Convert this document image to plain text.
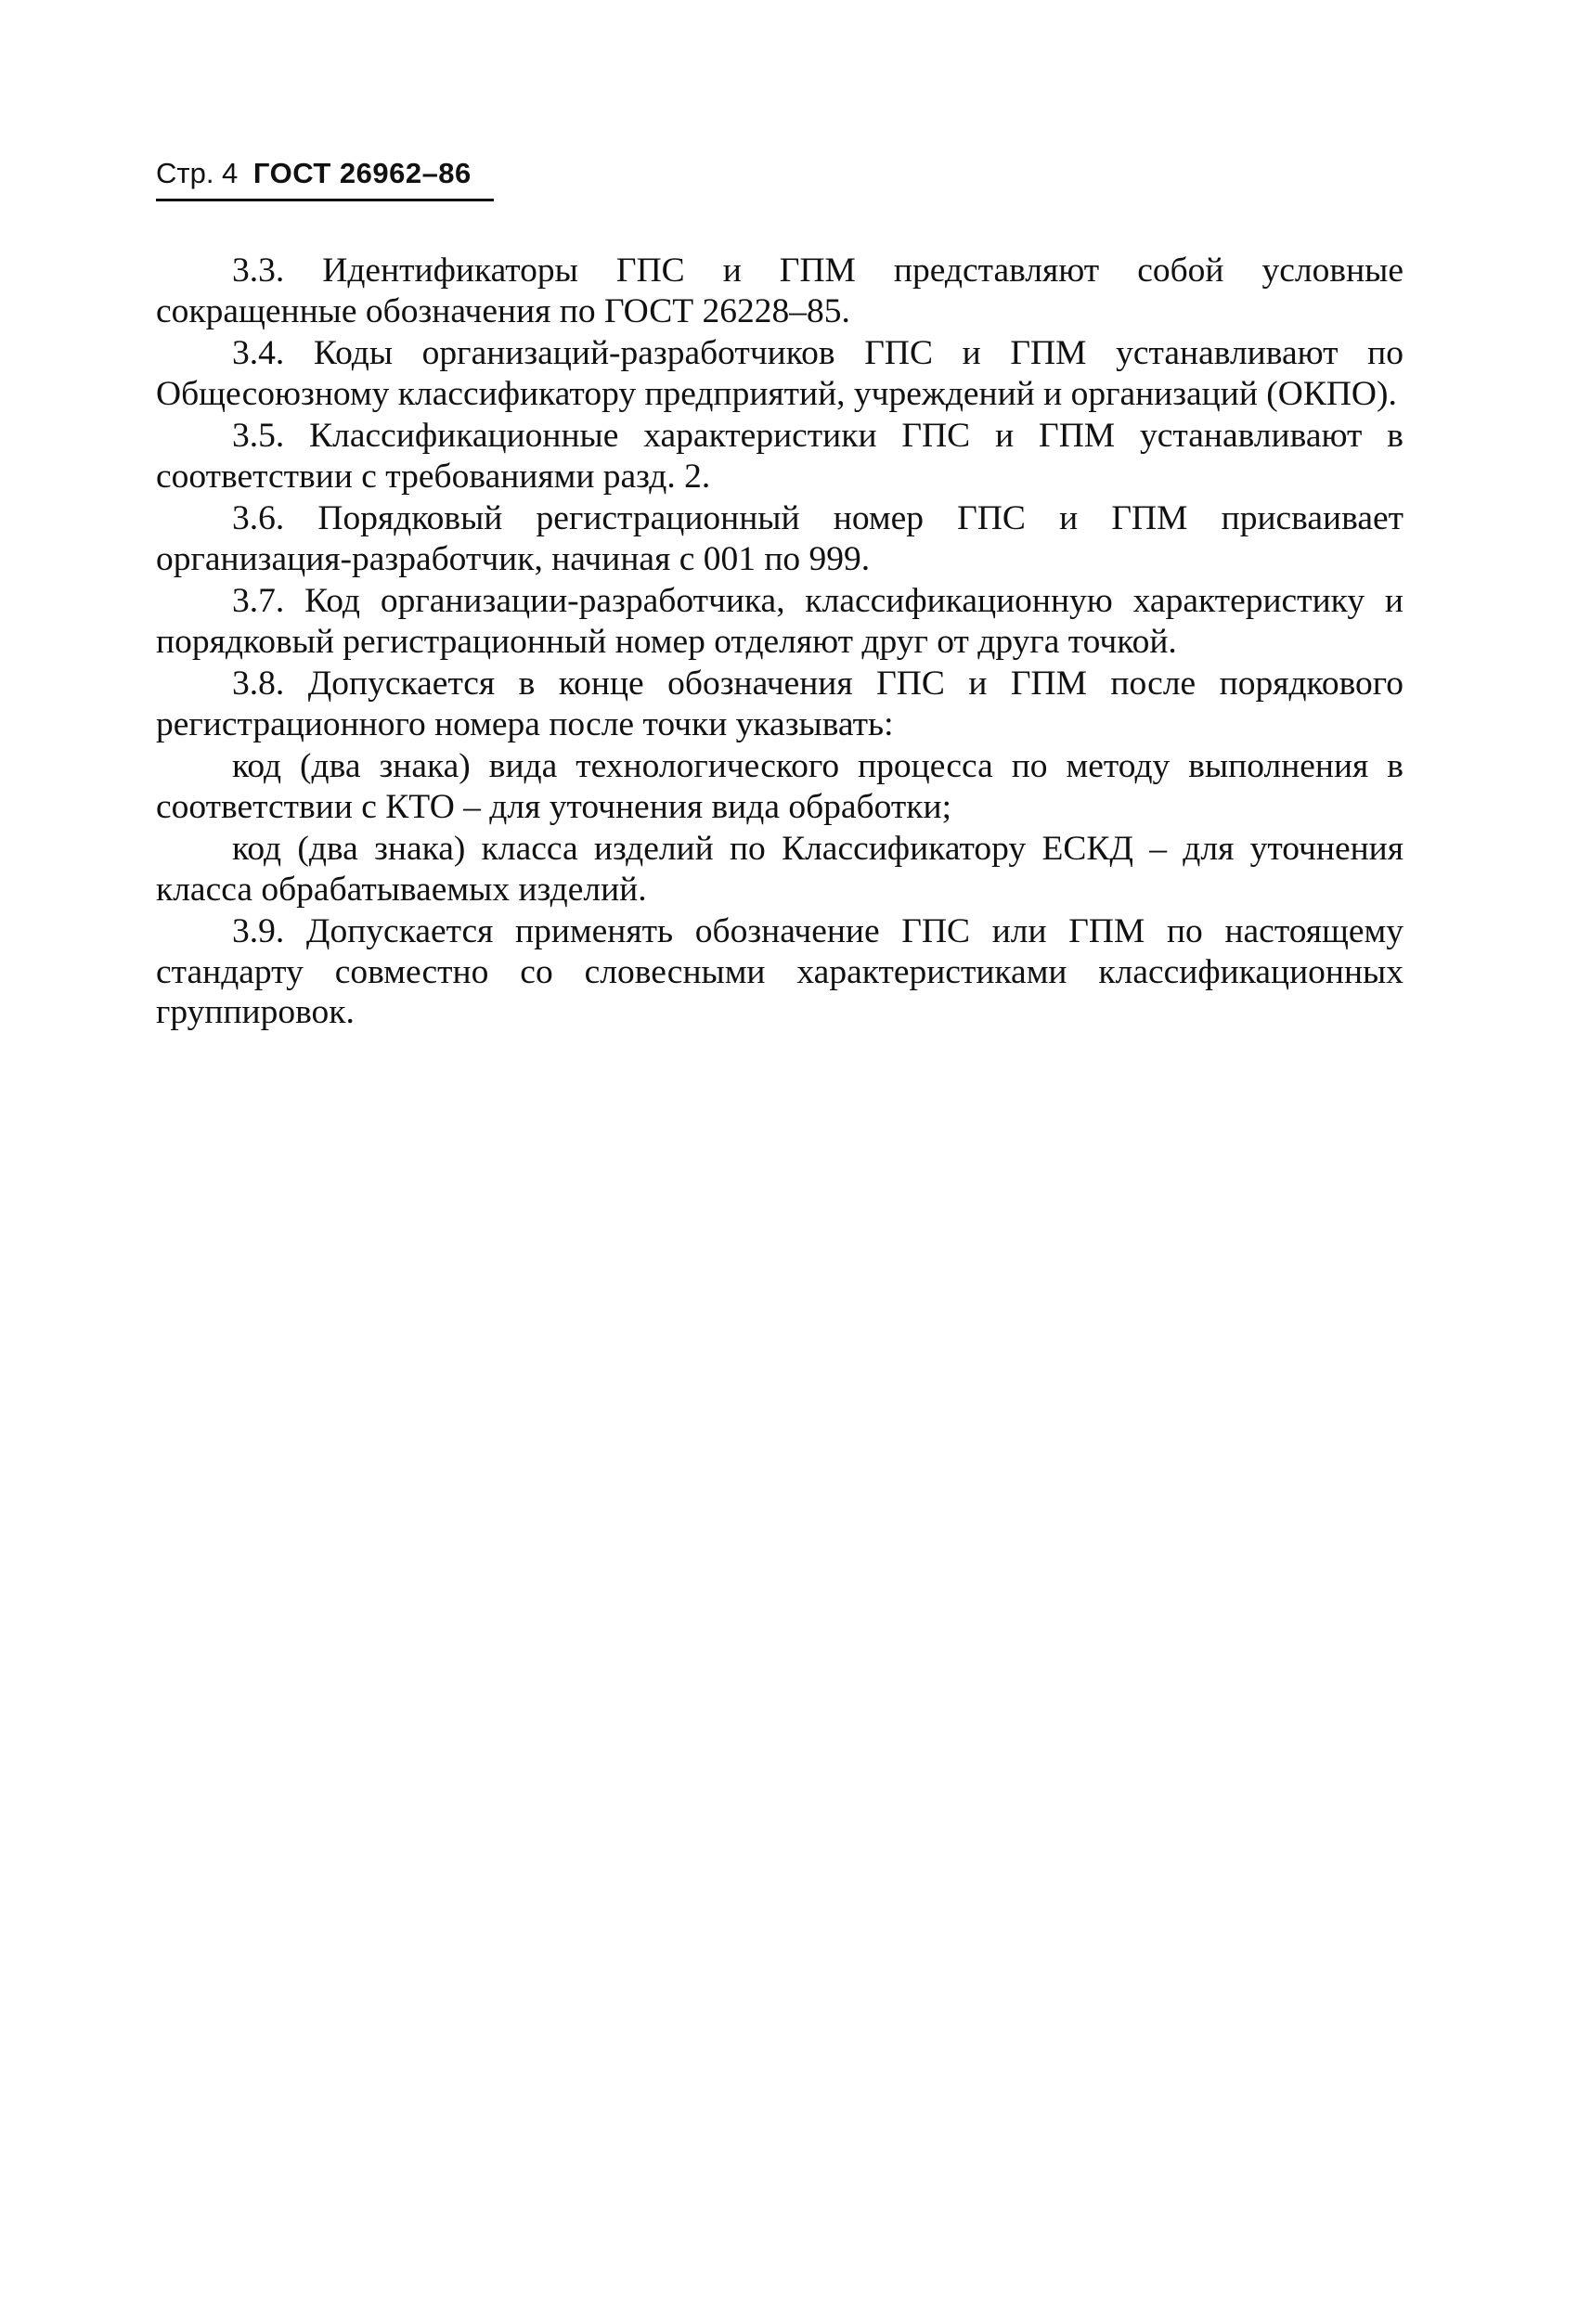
Стр. 4 ГОСТ 26962–86

3.3. Идентификаторы ГПС и ГПМ представляют собой условные сокращенные обозначения по ГОСТ 26228–85.

3.4. Коды организаций-разработчиков ГПС и ГПМ устанавливают по Общесоюзному классификатору предприятий, учреждений и организаций (ОКПО).

3.5. Классификационные характеристики ГПС и ГПМ устанавливают в соответствии с требованиями разд. 2.

3.6. Порядковый регистрационный номер ГПС и ГПМ присваивает организация-разработчик, начиная с 001 по 999.

3.7. Код организации-разработчика, классификационную характеристику и порядковый регистрационный номер отделяют друг от друга точкой.

3.8. Допускается в конце обозначения ГПС и ГПМ после порядкового регистрационного номера после точки указывать:

код (два знака) вида технологического процесса по методу выполнения в соответствии с КТО – для уточнения вида обработки;

код (два знака) класса изделий по Классификатору ЕСКД – для уточнения класса обрабатываемых изделий.

3.9. Допускается применять обозначение ГПС или ГПМ по настоящему стандарту совместно со словесными характеристиками классификационных группировок.
